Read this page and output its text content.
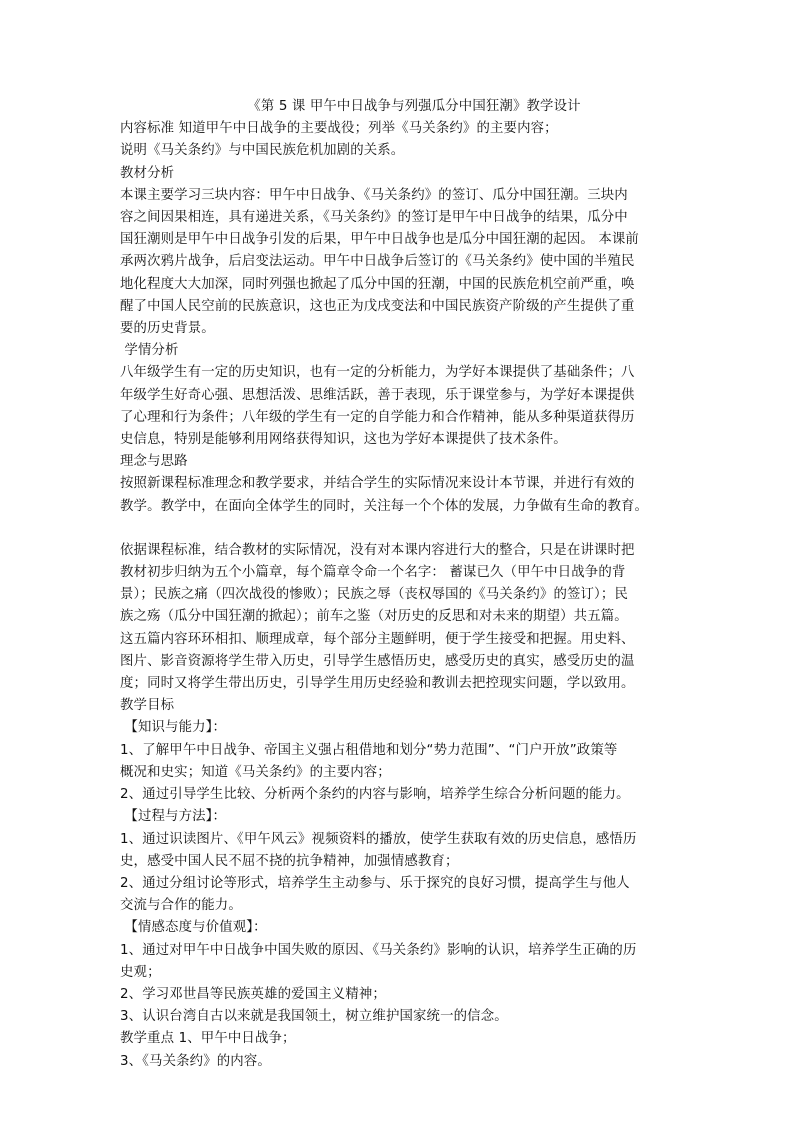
《第 5 课 甲午中日战争与列强瓜分中国狂潮》教学设计

内容标准 知道甲午中日战争的主要战役；列举《马关条约》的主要内容；

说明《马关条约》与中国民族危机加剧的关系。

教材分析

本课主要学习三块内容：甲午中日战争、《马关条约》的签订、瓜分中国狂潮。三块内

容之间因果相连，具有递进关系，《马关条约》的签订是甲午中日战争的结果，瓜分中

国狂潮则是甲午中日战争引发的后果，甲午中日战争也是瓜分中国狂潮的起因。 本课前

承两次鸦片战争，后启变法运动。甲午中日战争后签订的《马关条约》使中国的半殖民

地化程度大大加深，同时列强也掀起了瓜分中国的狂潮，中国的民族危机空前严重，唤

醒了中国人民空前的民族意识，这也正为戊戌变法和中国民族资产阶级的产生提供了重

要的历史背景。

学情分析

八年级学生有一定的历史知识，也有一定的分析能力，为学好本课提供了基础条件；八

年级学生好奇心强、思想活泼、思维活跃，善于表现，乐于课堂参与，为学好本课提供

了心理和行为条件；八年级的学生有一定的自学能力和合作精神，能从多种渠道获得历

史信息，特别是能够利用网络获得知识，这也为学好本课提供了技术条件。

理念与思路

按照新课程标准理念和教学要求，并结合学生的实际情况来设计本节课，并进行有效的

教学。教学中，在面向全体学生的同时，关注每一个个体的发展，力争做有生命的教育。

依据课程标准，结合教材的实际情况，没有对本课内容进行大的整合，只是在讲课时把

教材初步归纳为五个小篇章，每个篇章令命一个名字： 蓄谋已久（甲午中日战争的背

景）；民族之痛（四次战役的惨败）；民族之辱（丧权辱国的《马关条约》的签订）；民

族之殇（瓜分中国狂潮的掀起）；前车之鉴（对历史的反思和对未来的期望）共五篇。

这五篇内容环环相扣、顺理成章，每个部分主题鲜明，便于学生接受和把握。用史料、

图片、影音资源将学生带入历史，引导学生感悟历史，感受历史的真实，感受历史的温

度；同时又将学生带出历史，引导学生用历史经验和教训去把控现实问题，学以致用。

教学目标

【知识与能力】：

1、了解甲午中日战争、帝国主义强占租借地和划分“势力范围”、“门户开放”政策等

概况和史实；知道《马关条约》的主要内容；

2、通过引导学生比较、分析两个条约的内容与影响，培养学生综合分析问题的能力。

【过程与方法】：

1、通过识读图片、《甲午风云》视频资料的播放，使学生获取有效的历史信息，感悟历

史，感受中国人民不屈不挠的抗争精神，加强情感教育；

2、通过分组讨论等形式，培养学生主动参与、乐于探究的良好习惯，提高学生与他人

交流与合作的能力。

【情感态度与价值观】：

1、通过对甲午中日战争中国失败的原因、《马关条约》影响的认识，培养学生正确的历

史观；

2、学习邓世昌等民族英雄的爱国主义精神；

3、认识台湾自古以来就是我国领土，树立维护国家统一的信念。

教学重点 1、甲午中日战争；

3、《马关条约》的内容。
